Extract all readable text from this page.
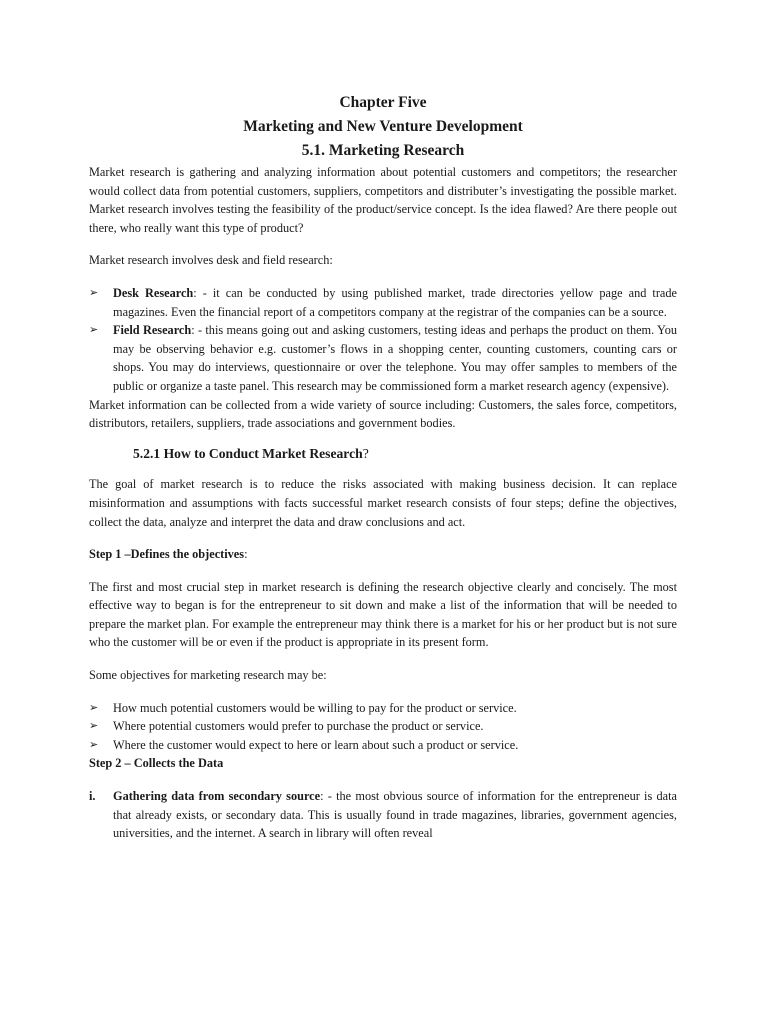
Chapter Five
Marketing and New Venture Development
5.1. Marketing Research

Market research is gathering and analyzing information about potential customers and competitors; the researcher would collect data from potential customers, suppliers, competitors and distributer’s investigating the possible market. Market research involves testing the feasibility of the product/service concept. Is the idea flawed? Are there people out there, who really want this type of product?

Market research involves desk and field research:

➢ Desk Research: - it can be conducted by using published market, trade directories yellow page and trade magazines. Even the financial report of a competitors company at the registrar of the companies can be a source.
➢ Field Research: - this means going out and asking customers, testing ideas and perhaps the product on them. You may be observing behavior e.g. customer’s flows in a shopping center, counting customers, counting cars or shops. You may do interviews, questionnaire or over the telephone. You may offer samples to members of the public or organize a taste panel. This research may be commissioned form a market research agency (expensive).

Market information can be collected from a wide variety of source including: Customers, the sales force, competitors, distributors, retailers, suppliers, trade associations and government bodies.

5.2.1 How to Conduct Market Research?

The goal of market research is to reduce the risks associated with making business decision. It can replace misinformation and assumptions with facts successful market research consists of four steps; define the objectives, collect the data, analyze and interpret the data and draw conclusions and act.

Step 1 –Defines the objectives:

The first and most crucial step in market research is defining the research objective clearly and concisely. The most effective way to began is for the entrepreneur to sit down and make a list of the information that will be needed to prepare the market plan. For example the entrepreneur may think there is a market for his or her product but is not sure who the customer will be or even if the product is appropriate in its present form.

Some objectives for marketing research may be:

➢ How much potential customers would be willing to pay for the product or service.
➢ Where potential customers would prefer to purchase the product or service.
➢ Where the customer would expect to here or learn about such a product or service.

Step 2 – Collects the Data

i. Gathering data from secondary source: - the most obvious source of information for the entrepreneur is data that already exists, or secondary data. This is usually found in trade magazines, libraries, government agencies, universities, and the internet. A search in library will often reveal
